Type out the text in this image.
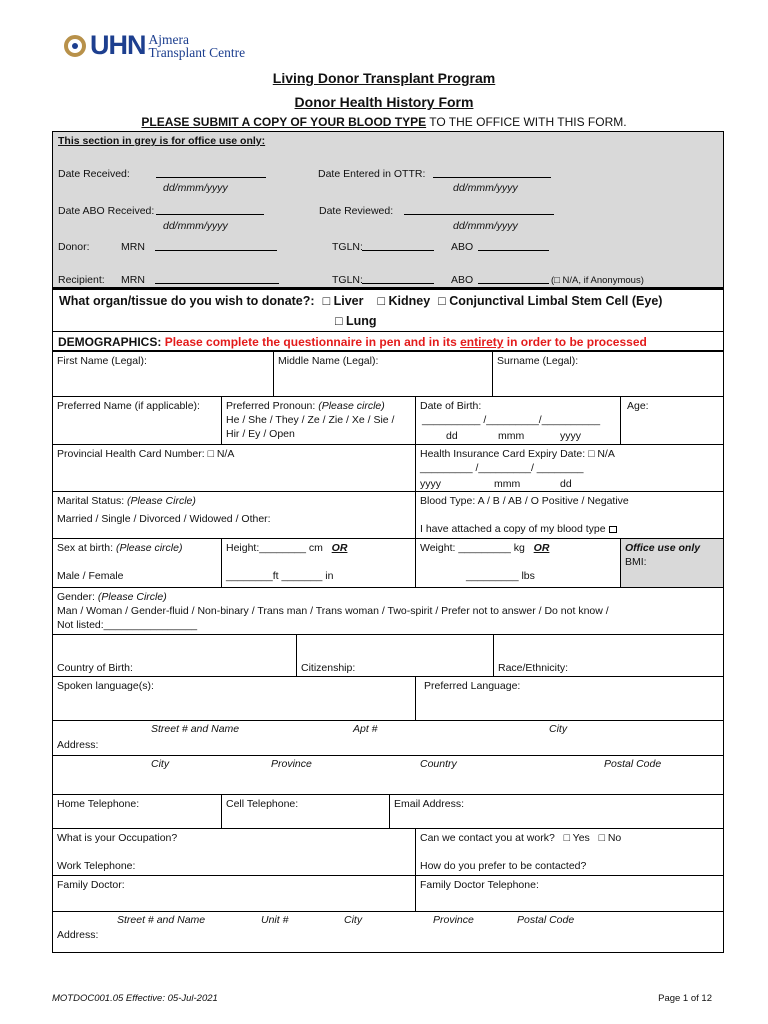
UHN Ajmera
Transplant Centre
Living Donor Transplant Program
Donor Health History Form
PLEASE SUBMIT A COPY OF YOUR BLOOD TYPE TO THE OFFICE WITH THIS FORM.
This section in grey is for office use only:
Date Received:
dd/mmm/yyyy
Date Entered in OTTR:
dd/mmm/yyyy
Date ABO Received:
dd/mmm/yyyy
Date Reviewed:
dd/mmm/yyyy
Donor:	MRN	TGLN:	ABO
Recipient: MRN	TGLN:	ABO	(□ N/A, if Anonymous)
What organ/tissue do you wish to donate?: □ Liver □ Kidney □ Conjunctival Limbal Stem Cell (Eye)
□ Lung
DEMOGRAPHICS: Please complete the questionnaire in pen and in its entirety in order to be processed
First Name (Legal):	Middle Name (Legal):	Surname (Legal):
Preferred Name (if applicable):	Preferred Pronoun: (Please circle)
He / She / They / Ze / Zie / Xe / Sie /
Hir / Ey / Open
Date of Birth:
__________ /_________/__________
dd	mmm	yyyy
Age:
Provincial Health Card Number: □ N/A	Health Insurance Card Expiry Date: □ N/A
_________ /_________/ ________
yyyy	mmm	dd
Marital Status: (Please Circle)
Married / Single / Divorced / Widowed / Other:
Blood Type: A / B / AB / O Positive / Negative
I have attached a copy of my blood type
Sex at birth: (Please circle)
Male / Female
Height:________ cm OR
________ft _______ in
Weight: _________ kg OR
_________ lbs
Office use only
BMI:
Gender: (Please Circle)
Man / Woman / Gender-fluid / Non-binary / Trans man / Trans woman / Two-spirit / Prefer not to answer / Do not know /
Not listed:________________
Country of Birth:	Citizenship:	Race/Ethnicity:
Spoken language(s):	Preferred Language:
Street # and Name	Apt #	City
Address:
City	Province	Country	Postal Code
Home Telephone:	Cell Telephone:	Email Address:
What is your Occupation?
Work Telephone:
Can we contact you at work? □ Yes □ No
How do you prefer to be contacted?
Family Doctor:	Family Doctor Telephone:
Street # and Name	Unit #	City	Province	Postal Code
Address:
MOTDOC001.05 Effective: 05-Jul-2021	Page 1 of 12
